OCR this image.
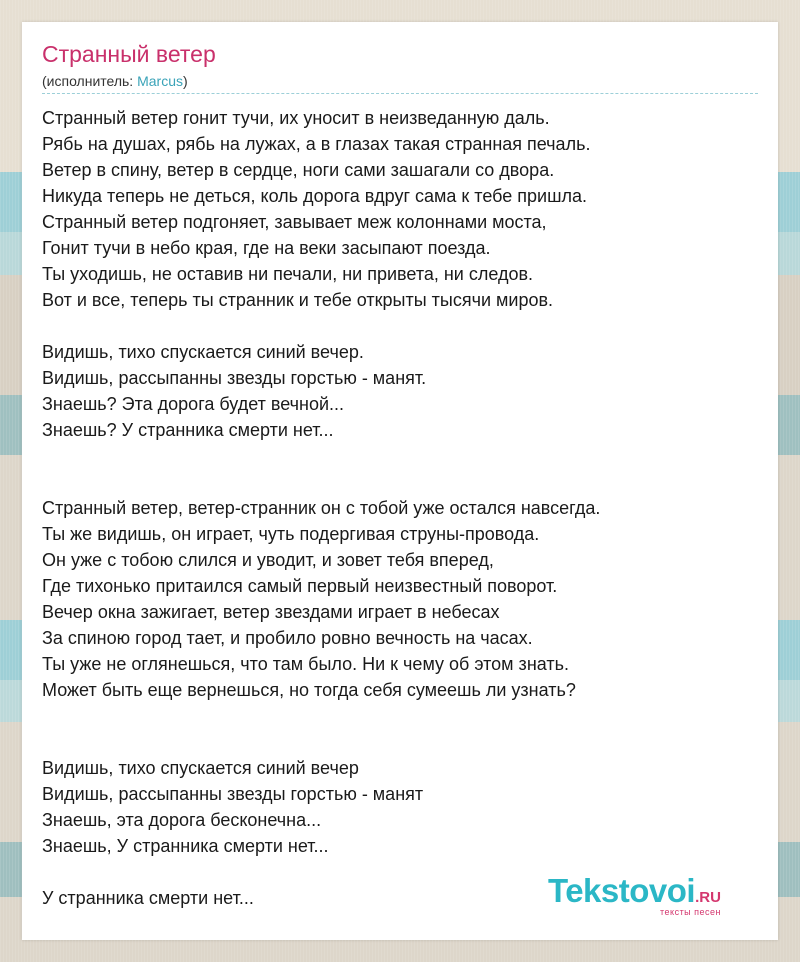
Странный ветер
(исполнитель: Marcus)
Странный ветер гонит тучи, их уносит в неизведанную даль.
Рябь на душах, рябь на лужах, а в глазах такая странная печаль.
Ветер в спину, ветер в сердце, ноги сами зашагали со двора.
Никуда теперь не деться, коль дорога вдруг сама к тебе пришла.
Странный ветер подгоняет, завывает меж колоннами моста,
Гонит тучи в небо края, где на веки засыпают поезда.
Ты уходишь, не оставив ни печали, ни привета, ни следов.
Вот и все, теперь ты странник и тебе открыты тысячи миров.
Видишь, тихо спускается синий вечер.
Видишь, рассыпанны звезды горстью - манят.
Знаешь? Эта дорога будет вечной...
Знаешь? У странника смерти нет...
Странный ветер, ветер-странник он с тобой уже остался навсегда.
Ты же видишь, он играет, чуть подергивая струны-провода.
Он уже с тобою слился и уводит, и зовет тебя вперед,
Где тихонько притаился самый первый неизвестный поворот.
Вечер окна зажигает, ветер звездами играет в небесах
За спиною город тает, и пробило ровно вечность на часах.
Ты уже не оглянешься, что там было. Ни к чему об этом знать.
Может быть еще вернешься, но тогда себя сумеешь ли узнать?
Видишь, тихо спускается синий вечер
Видишь, рассыпанны звезды горстью - манят
Знаешь, эта дорога бесконечна...
Знаешь, У странника смерти нет...
У странника смерти нет...	Tekstovoi.RU
тексты песен
